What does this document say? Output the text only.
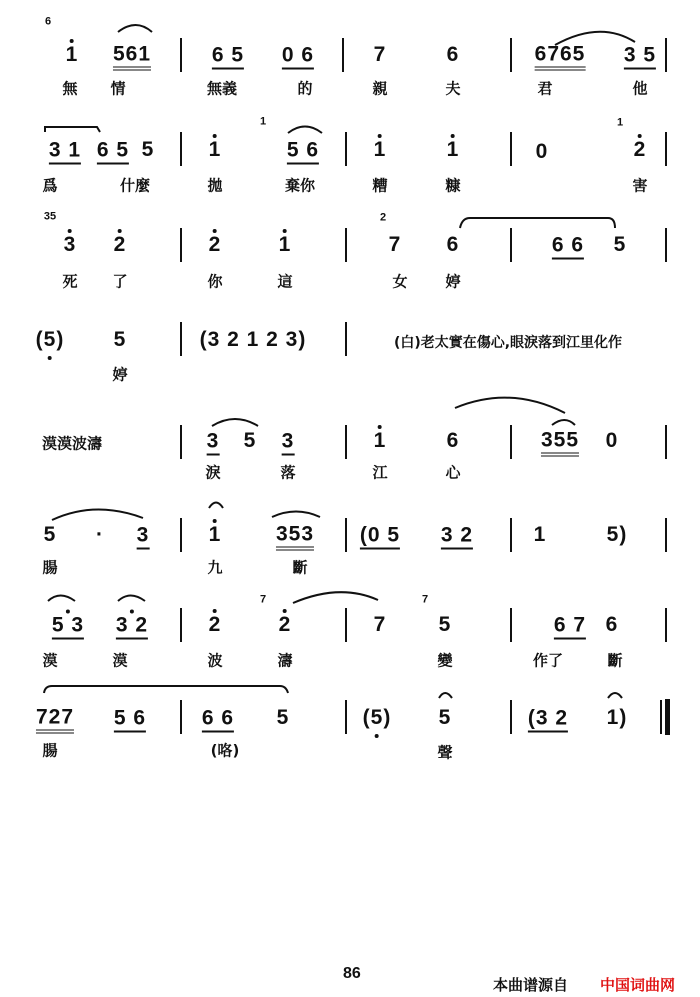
6
1 561	6 5 0 6	7	6	6765 3 5
無 情	無義	的	親	夫	君	他
3 1 6 5 5	1
1
5 6	1	1	0
1
2
爲	什麼	拋	棄你	糟	糠	害
35
3 2	2	1
2
7 6	6 6 5
死 了	你	這	女	婷
(5) 5	(3 2 1 2 3)	(白)老太實在傷心,眼淚落到江里化作
婷
漠漠波濤	3 5 3	1	6	355 0
淚	落	江	心
5 · 3	1	353 (0 5 3 2	1	5)
腸	九	斷
5 3 3 2	2
7
2	7
7
5	6 7 6
漠	漠	波	濤	變	作了	斷
727 5 6	6 6 5	(5) 5	(3 2 1)
腸	(咯)	聲
86
本曲谱源自 中国词曲网
